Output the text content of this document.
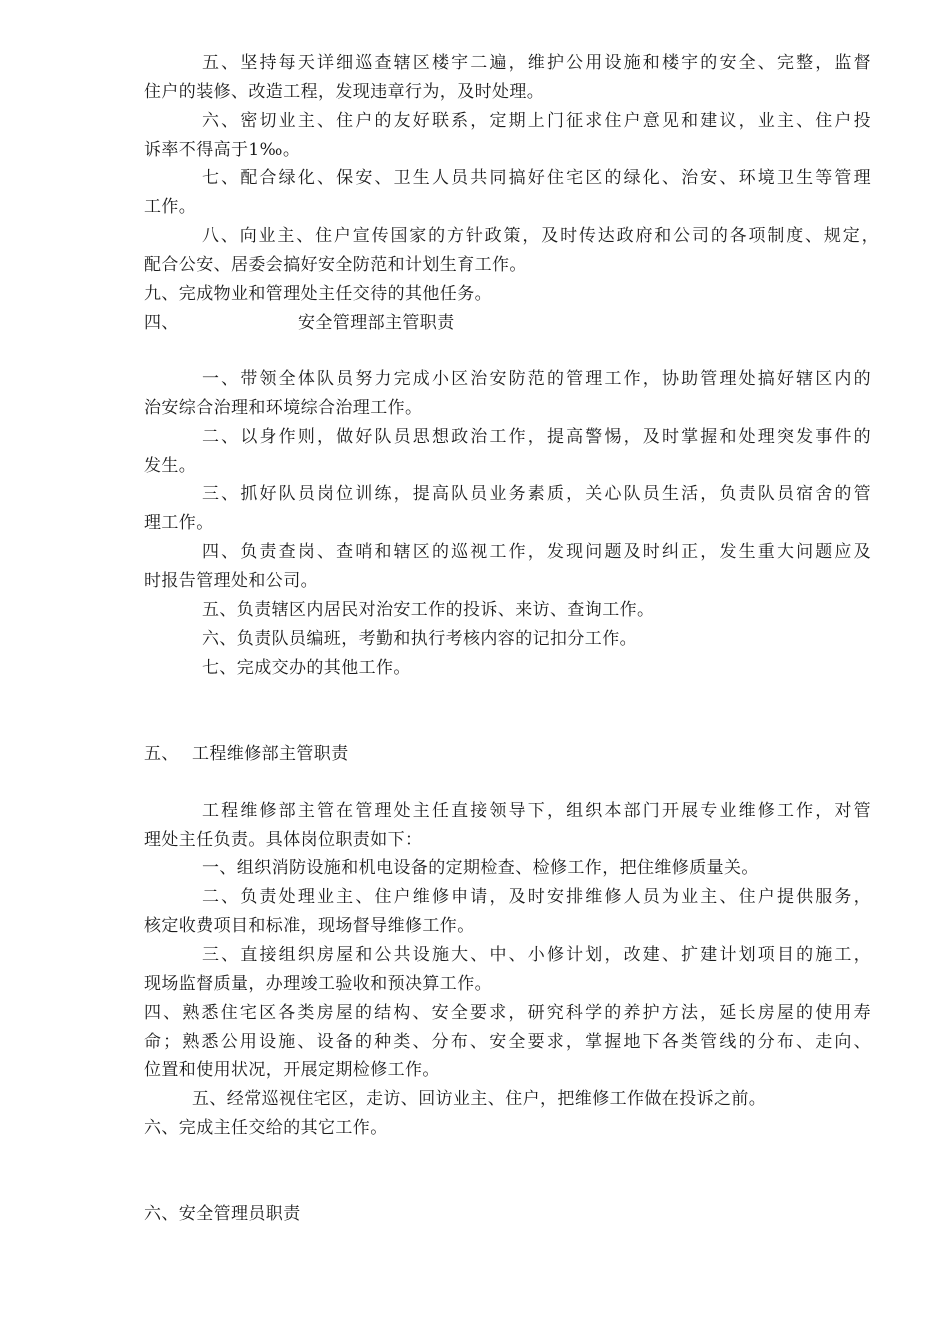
五、坚持每天详细巡查辖区楼宇二遍，维护公用设施和楼宇的安全、完整，监督
住户的装修、改造工程，发现违章行为，及时处理。
六、密切业主、住户的友好联系，定期上门征求住户意见和建议，业主、住户投
诉率不得高于1‰。
七、配合绿化、保安、卫生人员共同搞好住宅区的绿化、治安、环境卫生等管理
工作。
八、向业主、住户宣传国家的方针政策，及时传达政府和公司的各项制度、规定，
配合公安、居委会搞好安全防范和计划生育工作。
九、完成物业和管理处主任交待的其他任务。
四、	安全管理部主管职责
一、带领全体队员努力完成小区治安防范的管理工作，协助管理处搞好辖区内的
治安综合治理和环境综合治理工作。
二、以身作则，做好队员思想政治工作，提高警惕，及时掌握和处理突发事件的
发生。
三、抓好队员岗位训练，提高队员业务素质，关心队员生活，负责队员宿舍的管
理工作。
四、负责查岗、查哨和辖区的巡视工作，发现问题及时纠正，发生重大问题应及
时报告管理处和公司。
五、负责辖区内居民对治安工作的投诉、来访、查询工作。
六、负责队员编班，考勤和执行考核内容的记扣分工作。
七、完成交办的其他工作。
五、 工程维修部主管职责
工程维修部主管在管理处主任直接领导下，组织本部门开展专业维修工作，对管
理处主任负责。具体岗位职责如下：
一、组织消防设施和机电设备的定期检查、检修工作，把住维修质量关。
二、负责处理业主、住户维修申请，及时安排维修人员为业主、住户提供服务，
核定收费项目和标准，现场督导维修工作。
三、直接组织房屋和公共设施大、中、小修计划，改建、扩建计划项目的施工，
现场监督质量，办理竣工验收和预决算工作。
四、熟悉住宅区各类房屋的结构、安全要求，研究科学的养护方法，延长房屋的使用寿
命；熟悉公用设施、设备的种类、分布、安全要求，掌握地下各类管线的分布、走向、
位置和使用状况，开展定期检修工作。
五、经常巡视住宅区，走访、回访业主、住户，把维修工作做在投诉之前。
六、完成主任交给的其它工作。
六、安全管理员职责
